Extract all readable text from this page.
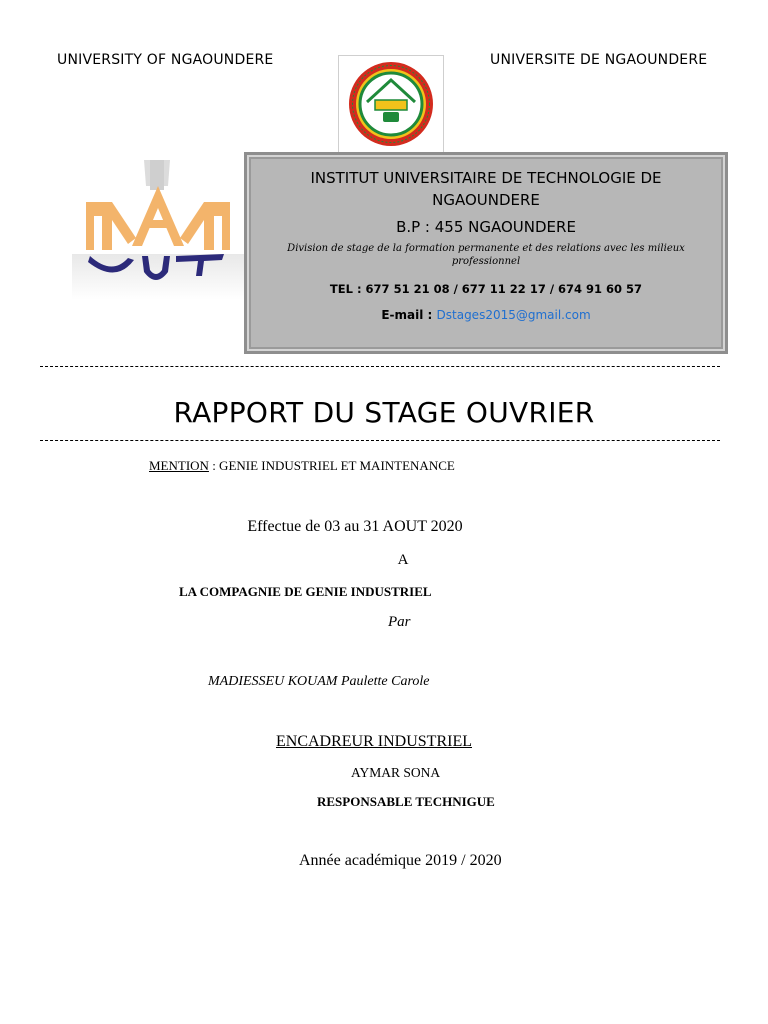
UNIVERSITY OF NGAOUNDERE	UNIVERSITE DE NGAOUNDERE
INSTITUT UNIVERSITAIRE DE TECHNOLOGIE DE NGAOUNDERE
B.P : 455 NGAOUNDERE
Division de stage de la formation permanente et des relations avec les milieux professionnel
TEL : 677 51 21 08 / 677 11 22 17 / 674 91 60 57
E-mail : Dstages2015@gmail.com
RAPPORT DU STAGE OUVRIER
MENTION : GENIE INDUSTRIEL ET MAINTENANCE
Effectue de 03 au 31 AOUT 2020
A
LA COMPAGNIE DE GENIE INDUSTRIEL
Par
MADIESSEU KOUAM Paulette Carole
ENCADREUR INDUSTRIEL
AYMAR SONA
RESPONSABLE TECHNIGUE
Année académique 2019 / 2020
